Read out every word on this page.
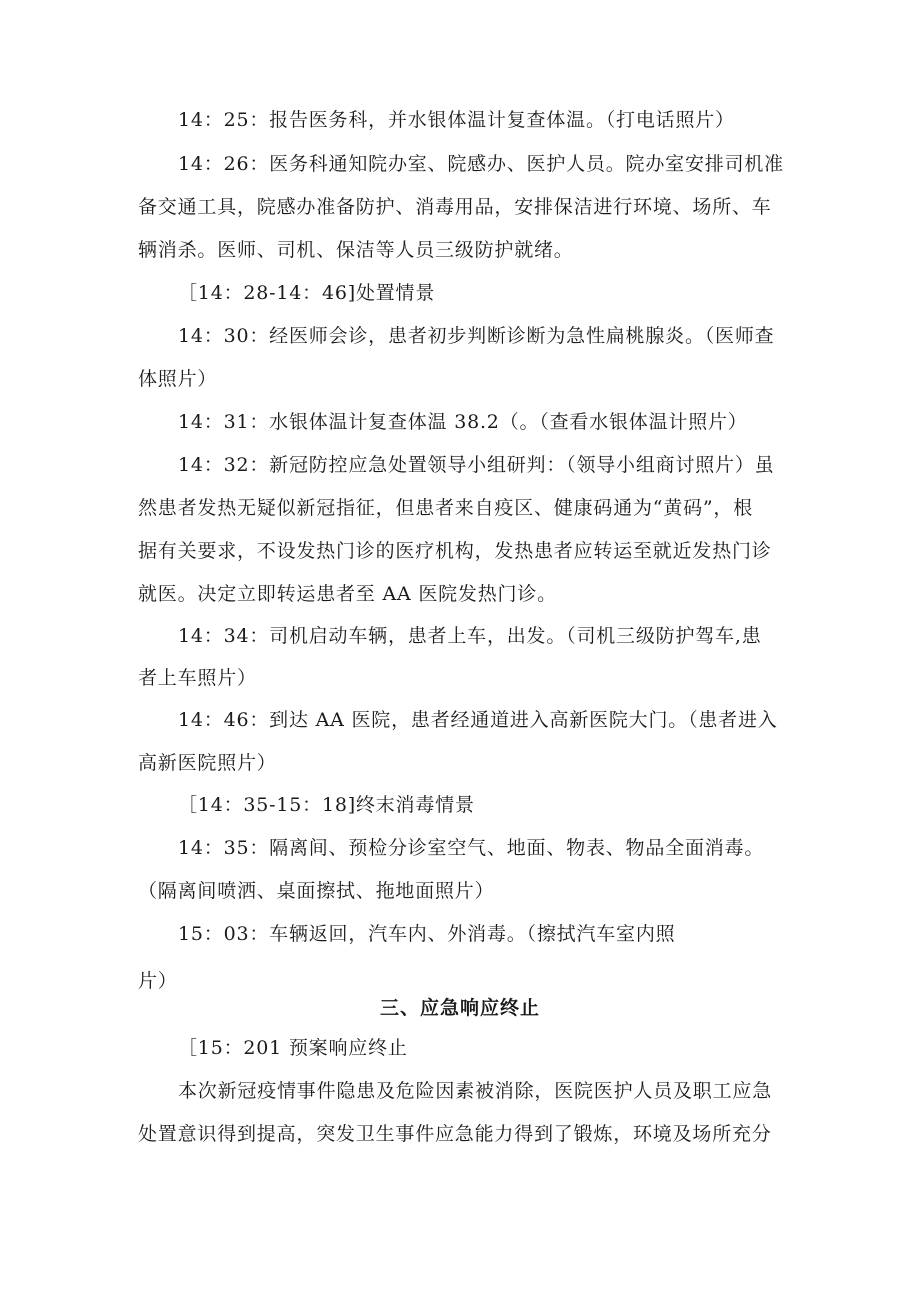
14：25：报告医务科，并水银体温计复查体温。（打电话照片）
14：26：医务科通知院办室、院感办、医护人员。院办室安排司机准
备交通工具，院感办准备防护、消毒用品，安排保洁进行环境、场所、车
辆消杀。医师、司机、保洁等人员三级防护就绪。
［14：28-14：46]处置情景
14：30：经医师会诊，患者初步判断诊断为急性扁桃腺炎。（医师查
体照片）
14：31：水银体温计复查体温 38.2（。（查看水银体温计照片）
14：32：新冠防控应急处置领导小组研判：（领导小组商讨照片）虽
然患者发热无疑似新冠指征，但患者来自疫区、健康码通为“黄码”，根
据有关要求，不设发热门诊的医疗机构，发热患者应转运至就近发热门诊
就医。决定立即转运患者至 AA 医院发热门诊。
14：34：司机启动车辆，患者上车，出发。（司机三级防护驾车,患
者上车照片）
14：46：到达 AA 医院，患者经通道进入高新医院大门。（患者进入
高新医院照片）
［14：35-15：18]终末消毒情景
14：35：隔离间、预检分诊室空气、地面、物表、物品全面消毒。
（隔离间喷洒、桌面擦拭、拖地面照片）
15：03：车辆返回，汽车内、外消毒。（擦拭汽车室内照
片）
三、应急响应终止
［15：201 预案响应终止
本次新冠疫情事件隐患及危险因素被消除，医院医护人员及职工应急
处置意识得到提高，突发卫生事件应急能力得到了锻炼，环境及场所充分
